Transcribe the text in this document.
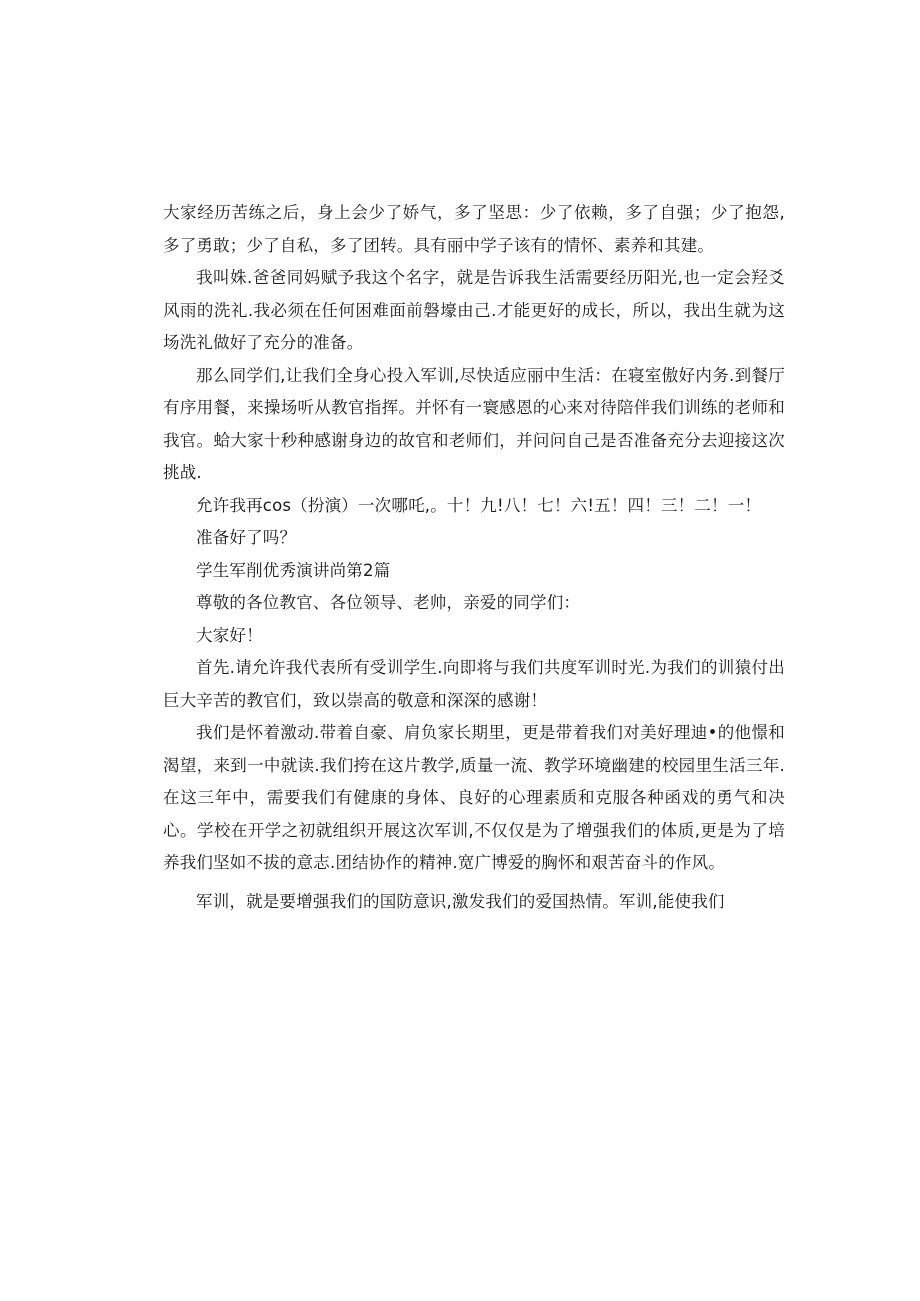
大家经历苦练之后，身上会少了娇气，多了坚思：少了依赖，多了自强；少了抱怨,多了勇敢；少了自私，多了团转。具有丽中学子该有的情怀、素养和其建。

我叫姝.爸爸同妈赋予我这个名字，就是告诉我生活需要经历阳光,也一定会羟爻风雨的洗礼.我必须在任何困难面前磐壕由己.才能更好的成长，所以，我出生就为这场洗礼做好了充分的准备。

那么同学们,让我们全身心投入军训,尽快适应丽中生活：在寝室傲好内务.到餐厅有序用餐，来操场听从教官指挥。并怀有一寰感恩的心来对待陪伴我们训练的老师和我官。蛤大家十秒种感谢身边的故官和老师们，并问问自己是否准备充分去迎接这次挑战.

允许我再cos（扮演）一次哪吒,。十！九!八！七！六!五！四！三！二！一！

准备好了吗？

学生军削优秀演讲尚第2篇

尊敬的各位教官、各位领导、老帅，亲爱的同学们：

大家好！

首先.请允许我代表所有受训学生.向即将与我们共度军训时光.为我们的训猿付出巨大辛苦的教官们，致以崇高的敬意和深深的感谢！

我们是怀着激动.带着自豪、肩负家长期里，更是带着我们对美好理迪•的他憬和渴望，来到一中就读.我们挎在这片教学,质量一流、教学环境幽建的校园里生活三年.在这三年中，需要我们有健康的身体、良好的心理素质和克服各种函戏的勇气和决心。学校在开学之初就组织开展这次军训,不仅仅是为了增强我们的体质,更是为了培养我们坚如不拔的意志.团结协作的精神.宽广博爱的胸怀和艰苦奋斗的作风。

军训，就是要增强我们的国防意识,激发我们的爱国热情。军训,能使我们
